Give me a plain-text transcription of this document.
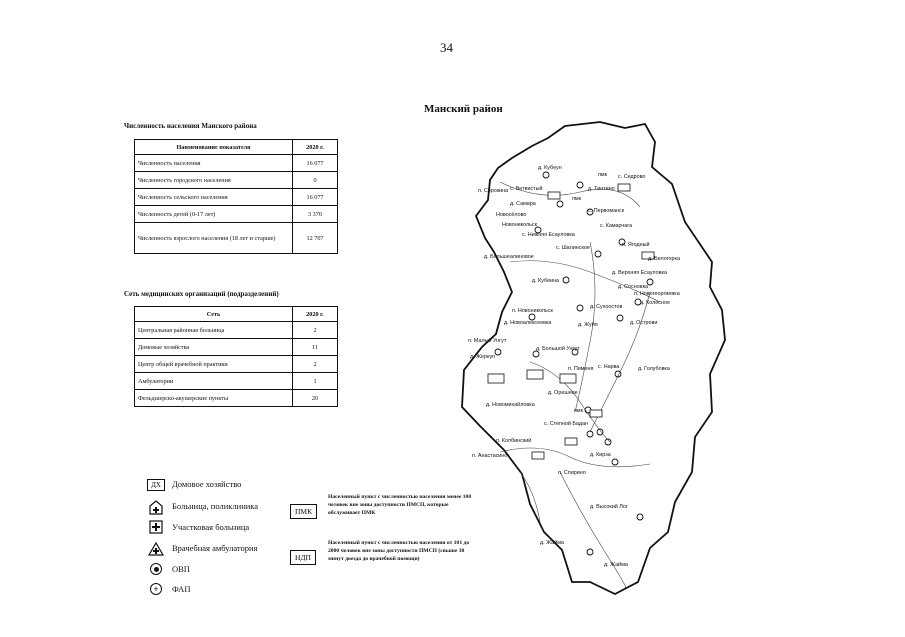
34
Манский район
Численность населения Манского района
Наименование показателя	2020 г.
Численность населения	16 077
Численность городского населения	0
Численность сельского населения	16 077
Численность детей (0-17 лет)	3 370
Численность взрослого населения (18 лет и старше)	12 707
Сеть медицинских организаций (подразделений)
Сеть	2020 г.
Центральная районная больница	2
Домовые хозяйства	11
Центр общей врачебной практики	2
Амбулатории	1
Фельдшерско-акушерские пункты	20
ДХ	Домовое хозяйство
Больница, поликлиника
Участковая больница
Врачебная амбулатория
ОВП
+	ФАП
ПМК
Населенный пункт с численностью населения менее 100 человек вне зоны доступности ПМСП, которые обслуживает ПМК
НДП
Населенный пункт с численностью населения от 101 до 2000 человек вне зоны доступности ПМСП (свыше 30 минут доезда до врачебной помощи)
д. Кубеун
пмк с. Седрово
п. Сорокина с. Ветвистый	д. Тинтино
пмк
д. Самара
с. Первоманск
Новосёлово
Новоникольск	с. Камарчага
с. Нижняя Есауловка
п. Ягодный
с. Шалинское
д. Белогорка
д. Большеалиновое
д. Верхняя Есауловка
д. Кубеина
д. Сосновка
п. Новогеоргиевка
д. Сухоостов
д. Колесное
п. Новоникольск
д. Новоалексеевка	д. Жуйя	д. Острови
п. Малый Унгут
д. Жеркуп
д. Большой Унгут
п. Пименя с. Нарва	д. Голубовка
д. Орешное
д. Новомихайловка
пмк
с. Степной Бадан
п. Колбинский
п. Анастасино	д. Кирза
п. Спирино
д. Высокий Лог
д. Жайма
д. Жайма
